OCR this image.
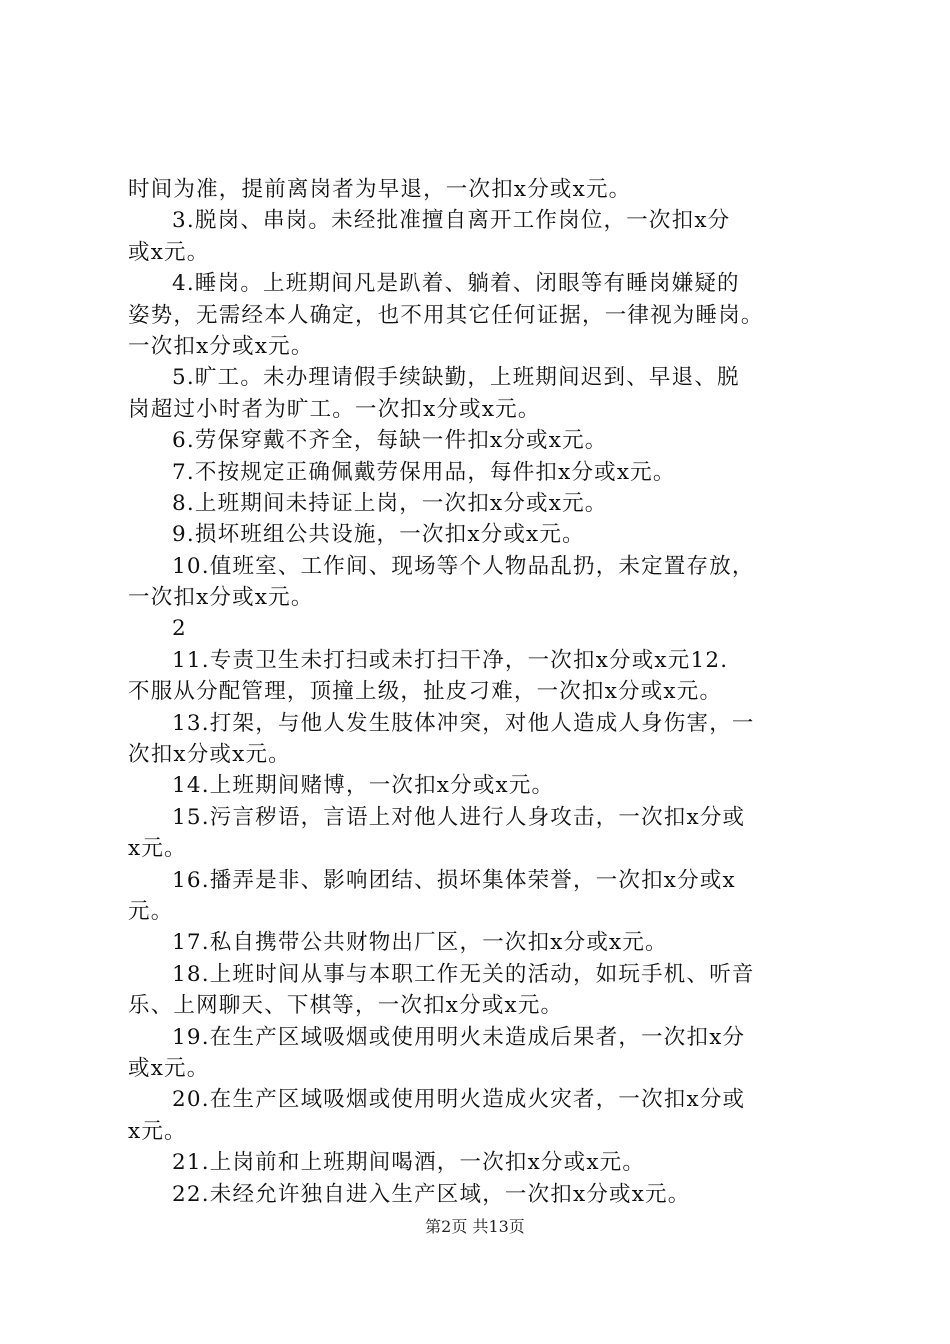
时间为准，提前离岗者为早退，一次扣x分或x元。
3.脱岗、串岗。未经批准擅自离开工作岗位，一次扣x分
或x元。
4.睡岗。上班期间凡是趴着、躺着、闭眼等有睡岗嫌疑的
姿势，无需经本人确定，也不用其它任何证据，一律视为睡岗。
一次扣x分或x元。
5.旷工。未办理请假手续缺勤，上班期间迟到、早退、脱
岗超过小时者为旷工。一次扣x分或x元。
6.劳保穿戴不齐全，每缺一件扣x分或x元。
7.不按规定正确佩戴劳保用品，每件扣x分或x元。
8.上班期间未持证上岗，一次扣x分或x元。
9.损坏班组公共设施，一次扣x分或x元。
10.值班室、工作间、现场等个人物品乱扔，未定置存放，
一次扣x分或x元。
2
11.专责卫生未打扫或未打扫干净，一次扣x分或x元12.
不服从分配管理，顶撞上级，扯皮刁难，一次扣x分或x元。
13.打架，与他人发生肢体冲突，对他人造成人身伤害，一
次扣x分或x元。
14.上班期间赌博，一次扣x分或x元。
15.污言秽语，言语上对他人进行人身攻击，一次扣x分或
x元。
16.播弄是非、影响团结、损坏集体荣誉，一次扣x分或x
元。
17.私自携带公共财物出厂区，一次扣x分或x元。
18.上班时间从事与本职工作无关的活动，如玩手机、听音
乐、上网聊天、下棋等，一次扣x分或x元。
19.在生产区域吸烟或使用明火未造成后果者，一次扣x分
或x元。
20.在生产区域吸烟或使用明火造成火灾者，一次扣x分或
x元。
21.上岗前和上班期间喝酒，一次扣x分或x元。
22.未经允许独自进入生产区域，一次扣x分或x元。
第2页 共13页
